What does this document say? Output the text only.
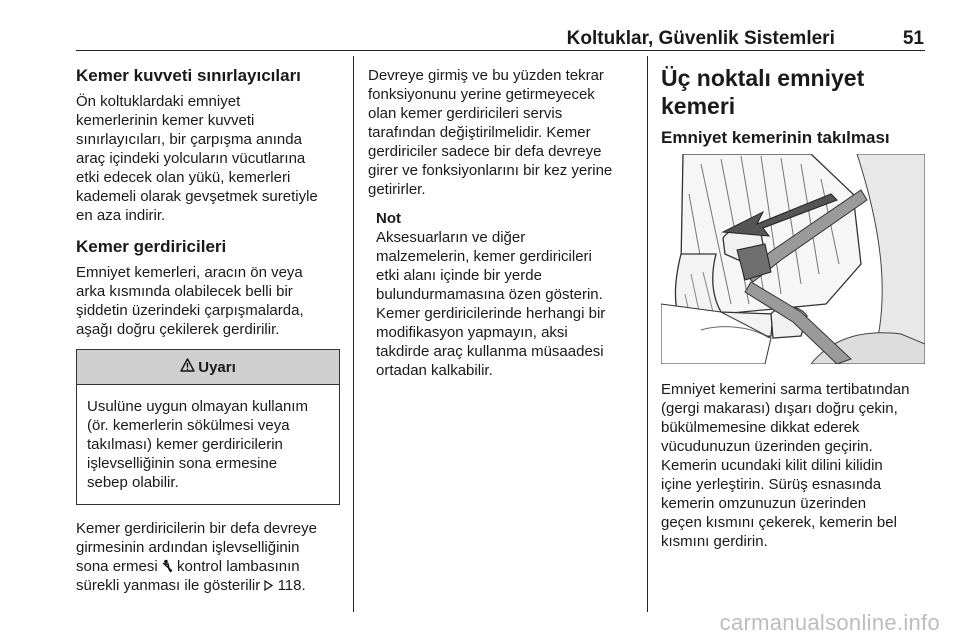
Koltuklar, Güvenlik Sistemleri	51
Kemer kuvveti sınırlayıcıları

Ön koltuklardaki emniyet
kemerlerinin kemer kuvveti
sınırlayıcıları, bir çarpışma anında
araç içindeki yolcuların vücutlarına
etki edecek olan yükü, kemerleri
kademeli olarak gevşetmek suretiyle
en aza indirir.

Kemer gerdiricileri

Emniyet kemerleri, aracın ön veya
arka kısmında olabilecek belli bir
şiddetin üzerindeki çarpışmalarda,
aşağı doğru çekilerek gerdirilir.

Uyarı

Usulüne uygun olmayan kullanım
(ör. kemerlerin sökülmesi veya
takılması) kemer gerdiricilerin
işlevselliğinin sona ermesine
sebep olabilir.

Kemer gerdiricilerin bir defa devreye
girmesinin ardından işlevselliğinin
sona ermesi  kontrol lambasının
sürekli yanması ile gösterilir  118.

Devreye girmiş ve bu yüzden tekrar
fonksiyonunu yerine getirmeyecek
olan kemer gerdiricileri servis
tarafından değiştirilmelidir. Kemer
gerdiriciler sadece bir defa devreye
girer ve fonksiyonlarını bir kez yerine
getirirler.

Not

Aksesuarların ve diğer
malzemelerin, kemer gerdiricileri
etki alanı içinde bir yerde
bulundurmamasına özen gösterin.
Kemer gerdiricilerinde herhangi bir
modifikasyon yapmayın, aksi
takdirde araç kullanma müsaadesi
ortadan kalkabilir.

Üç noktalı emniyet kemeri
Emniyet kemerinin takılması

Emniyet kemerini sarma tertibatından
(gergi makarası) dışarı doğru çekin,
bükülmemesine dikkat ederek
vücudunuzun üzerinden geçirin.
Kemerin ucundaki kilit dilini kilidin
içine yerleştirin. Sürüş esnasında
kemerin omzunuzun üzerinden
geçen kısmını çekerek, kemerin bel
kısmını gerdirin.

carmanualsonline.info
